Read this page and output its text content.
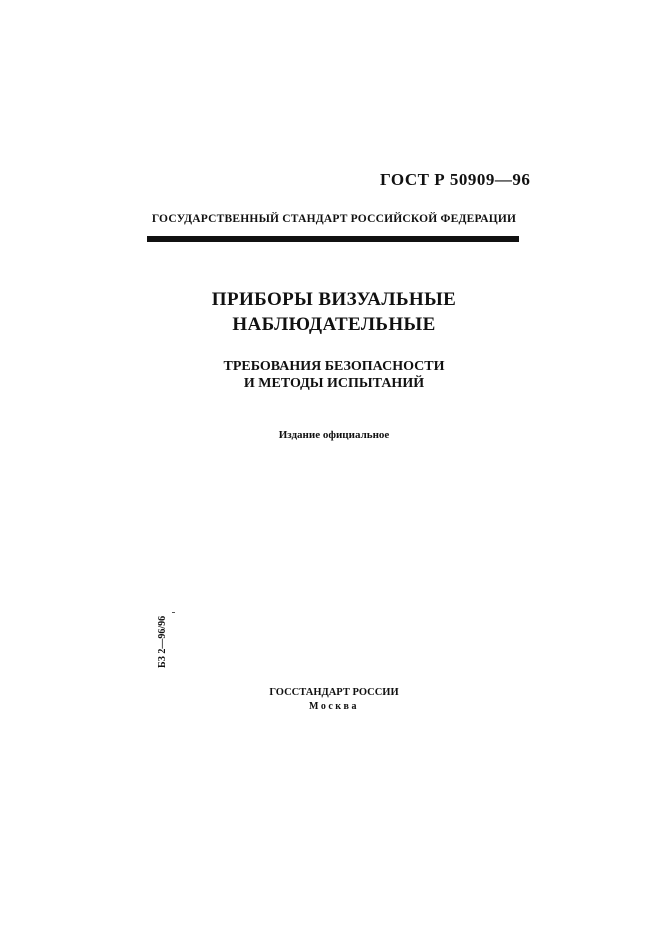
ГОСТ Р 50909—96
ГОСУДАРСТВЕННЫЙ СТАНДАРТ РОССИЙСКОЙ ФЕДЕРАЦИИ
ПРИБОРЫ ВИЗУАЛЬНЫЕ
НАБЛЮДАТЕЛЬНЫЕ
ТРЕБОВАНИЯ БЕЗОПАСНОСТИ
И МЕТОДЫ ИСПЫТАНИЙ
Издание официальное
БЗ 2—96/96
ГОССТАНДАРТ РОССИИ
Москва
